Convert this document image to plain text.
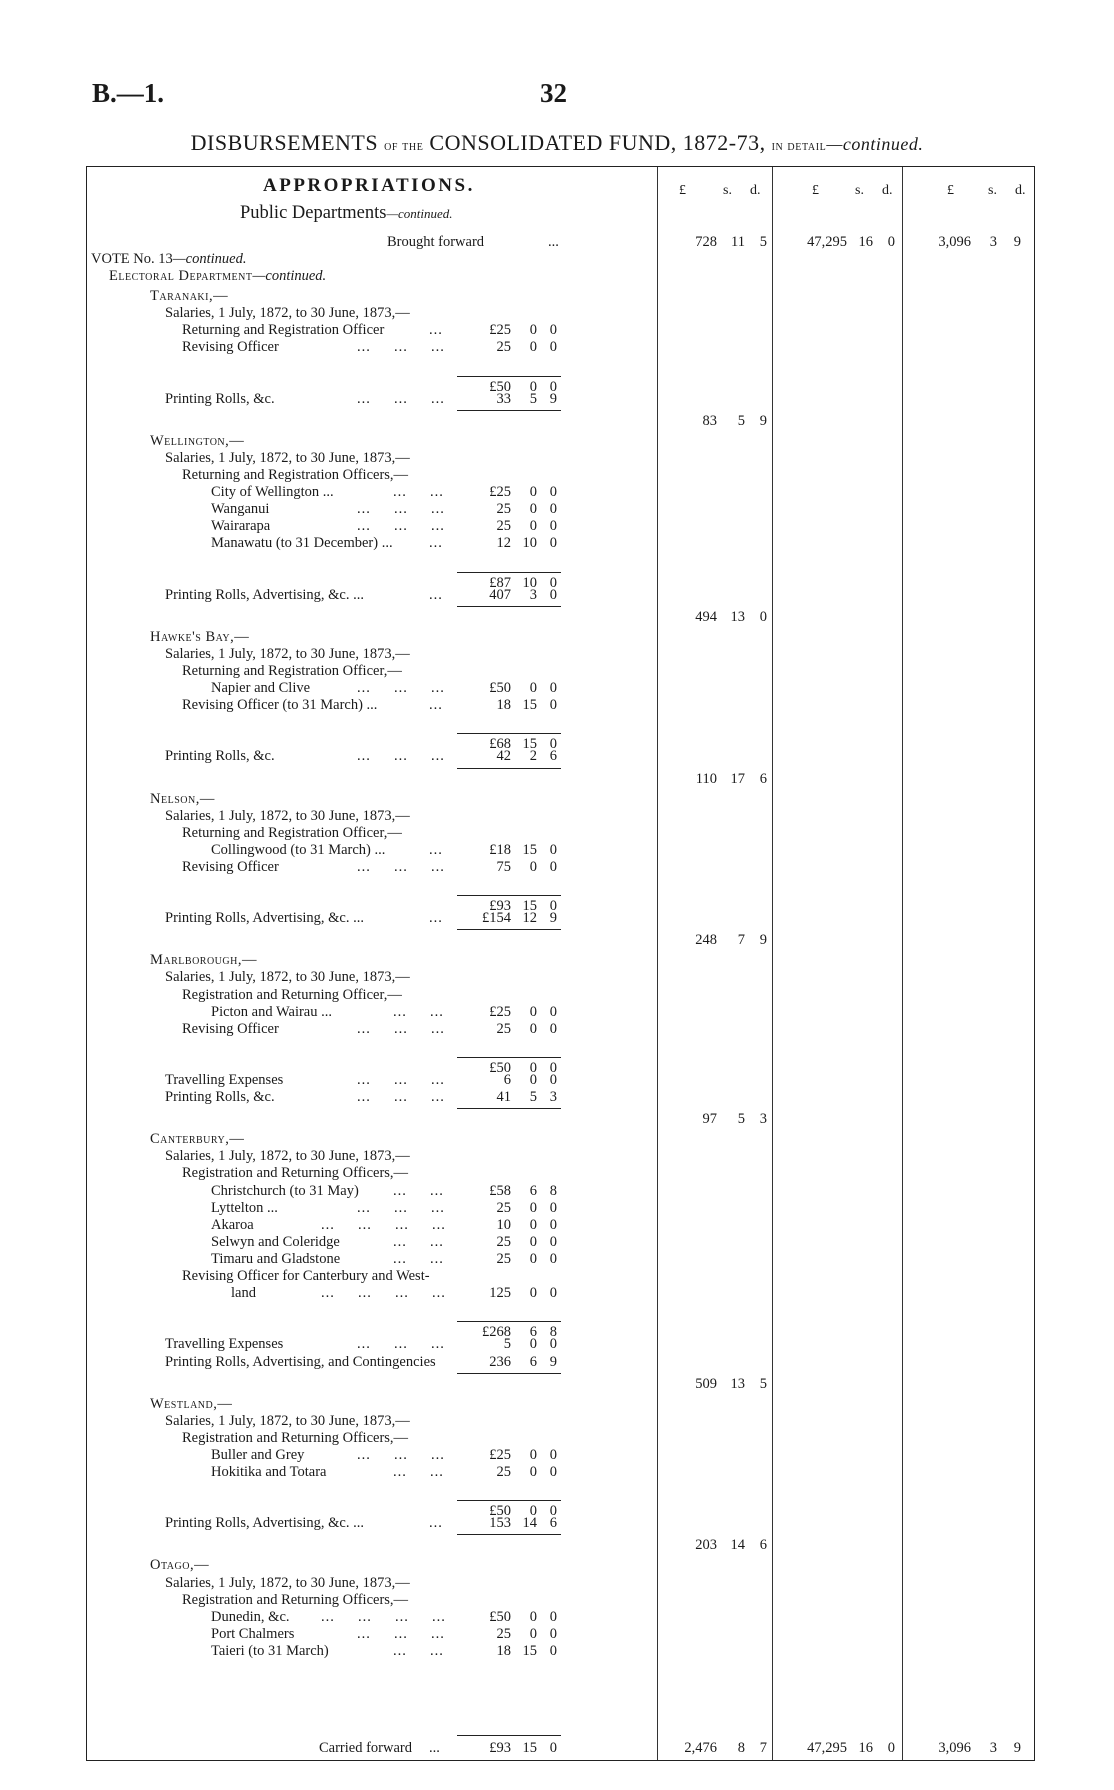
B.—1.	32
DISBURSEMENTS of the CONSOLIDATED FUND, 1872-73, in detail—continued.
£	s. d.	£	s. d.	£ s. d.
APPROPRIATIONS.
Public Departments—continued.
Brought forward	...	728 11	5	47,295 16	0	3,096	3	9
VOTE No. 13—continued.
Electoral Department—continued.
Taranaki,—
Salaries, 1 July, 1872, to 30 June, 1873,—
Returning and Registration Officer	...	£25	0 0
Revising Officer	...     ...     ...	25	0 0
£50	0 0
Printing Rolls, &c.	...     ...     ...	33	5 9
83	5	9
Wellington,—
Salaries, 1 July, 1872, to 30 June, 1873,—
Returning and Registration Officers,—
City of Wellington ...	...     ...	£25	0 0
Wanganui	...     ...     ...	25	0 0
Wairarapa	...     ...     ...	25	0 0
Manawatu (to 31 December) ...	...	12 10 0
£87 10 0
Printing Rolls, Advertising, &c. ...	...	407	3 0
494 13	0
Hawke's Bay,—
Salaries, 1 July, 1872, to 30 June, 1873,—
Returning and Registration Officer,—
Napier and Clive	...     ...     ...	£50	0 0
Revising Officer (to 31 March) ...	...	18 15 0
£68 15 0
Printing Rolls, &c.	...     ...     ...	42	2 6
110 17	6
Nelson,—
Salaries, 1 July, 1872, to 30 June, 1873,—
Returning and Registration Officer,—
Collingwood (to 31 March) ...	...	£18 15 0
Revising Officer	...     ...     ...	75	0 0
£93 15 0
Printing Rolls, Advertising, &c. ...	...	£154 12 9
248	7	9
Marlborough,—
Salaries, 1 July, 1872, to 30 June, 1873,—
Registration and Returning Officer,—
Picton and Wairau ...	...     ...	£25	0 0
Revising Officer	...     ...     ...	25	0 0
£50	0 0
Travelling Expenses	...     ...     ...	6	0 0
Printing Rolls, &c.	...     ...     ...	41	5 3
97	5	3
Canterbury,—
Salaries, 1 July, 1872, to 30 June, 1873,—
Registration and Returning Officers,—
Christchurch (to 31 May) ...     ...	£58	6 8
Lyttelton ...	...     ...     ...	25	0 0
Akaroa	...     ...     ...     ...	10	0 0
Selwyn and Coleridge	...     ...	25	0 0
Timaru and Gladstone	...     ...	25	0 0
Revising Officer for Canterbury and West-
land	...     ...     ...     ...	125	0 0
£268	6 8
Travelling Expenses	...     ...     ...	5	0 0
Printing Rolls, Advertising, and Contingencies	236	6 9
509 13	5
Westland,—
Salaries, 1 July, 1872, to 30 June, 1873,—
Registration and Returning Officers,—
Buller and Grey	...     ...     ...	£25	0 0
Hokitika and Totara	...     ...	25	0 0
£50	0 0
Printing Rolls, Advertising, &c. ...	...	153 14 6
203 14	6
Otago,—
Salaries, 1 July, 1872, to 30 June, 1873,—
Registration and Returning Officers,—
Dunedin, &c. ...     ...     ...     ...	£50	0 0
Port Chalmers	...     ...     ...	25	0 0
Taieri (to 31 March)	...     ...	18 15 0
Carried forward ...	£93 15 0	2,476	8	7	47,295 16	0	3,096	3	9
